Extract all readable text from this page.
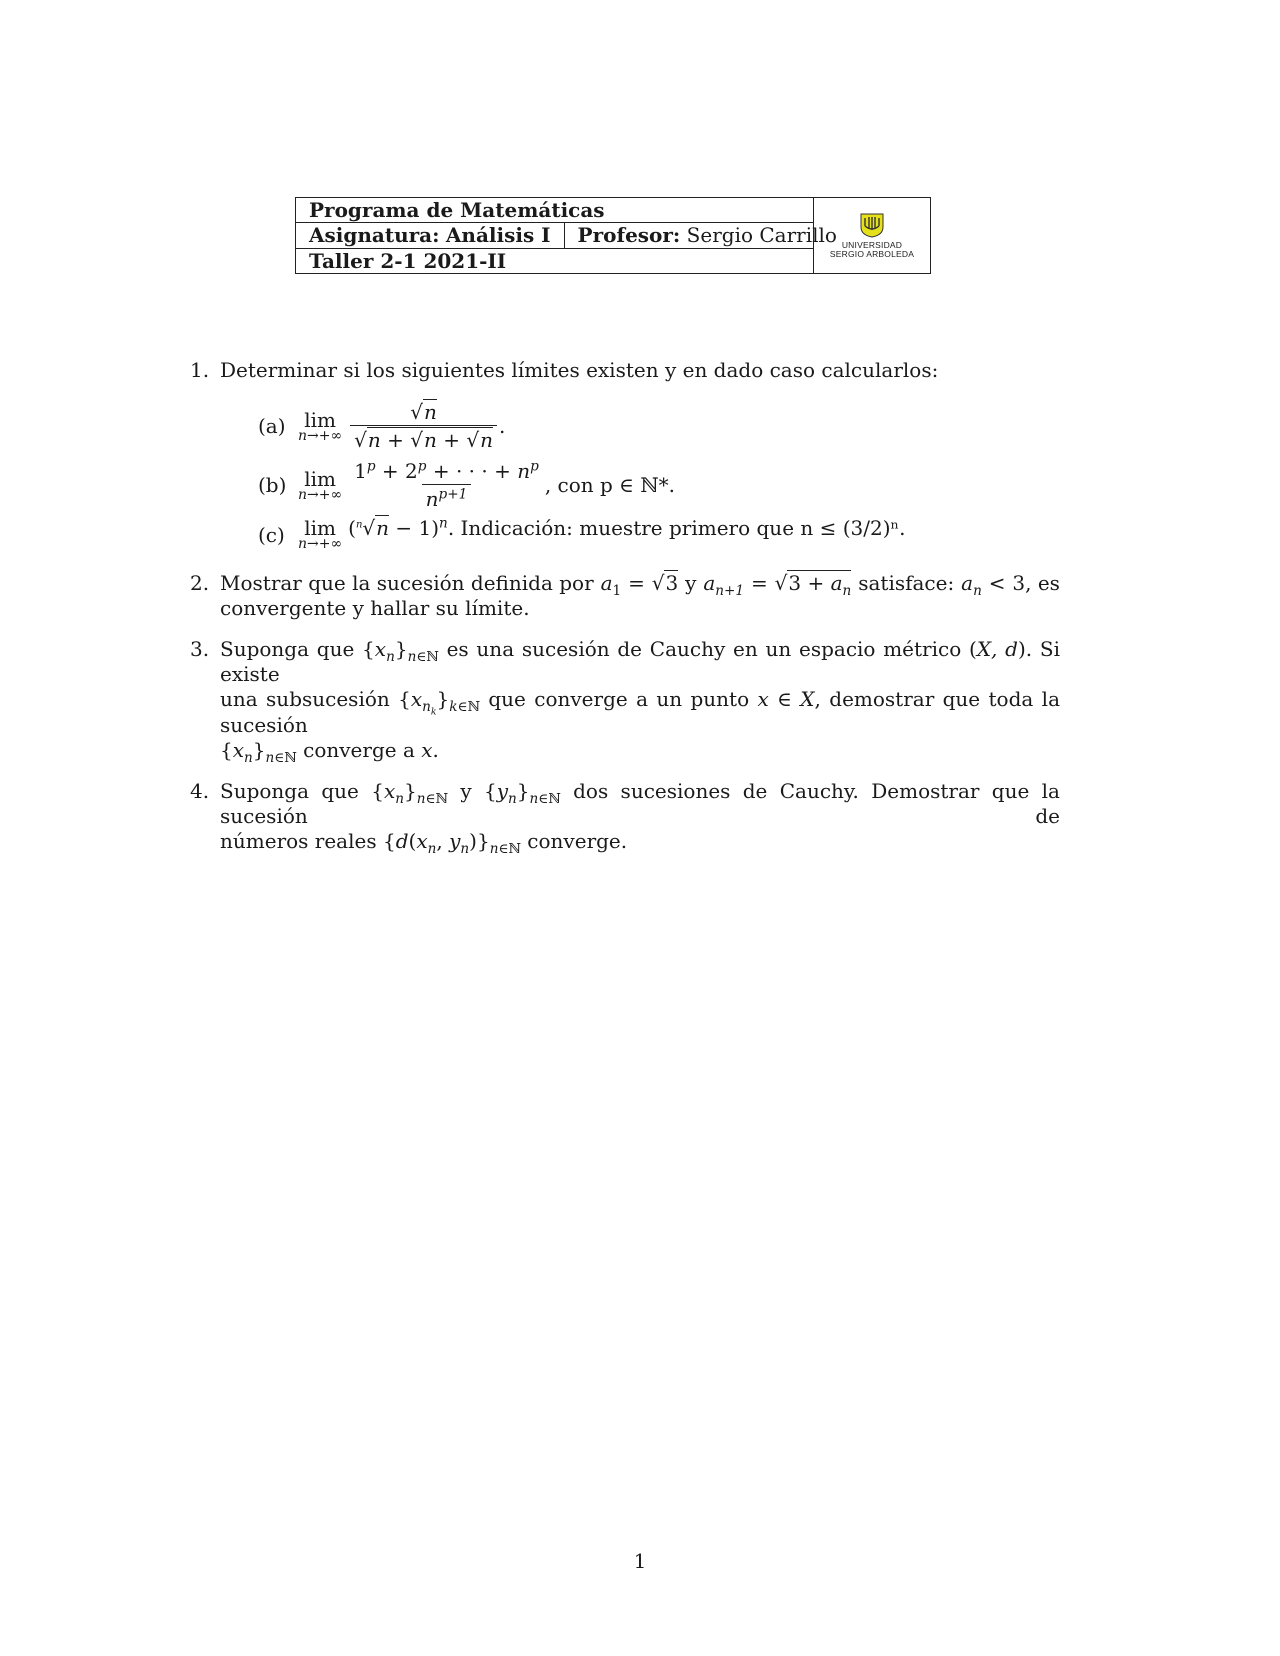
Programa de Matemáticas
Asignatura:
Análisis I Profesor:
Sergio Carrillo
Taller 2-1 2021-II
UNIVERSIDAD
SERGIO ARBOLEDA
1. Determinar si los siguientes límites existen y en dado caso calcularlos:
(a) lim
$n\to+\infty \frac{√n}{√n + √n + √n}$ .
(b) lim
$n\to+\infty \frac{1^p + 2^p + \cdot \cdot \cdot + n^p}{n^{p+1}}$ , con p ∈ ℕ*.
(c) lim
n→+∞
$(^n√n - 1)^n$ . Indicación: muestre primero que n ≤ (3/2)ⁿ.
2. Mostrar que la sucesión definida por $a_1 = √3$ y $a_{n+1} = √3 + a_n$ satisface: $a_n < 3$, es
convergente y hallar su límite.
3. Suponga que $\{x_n\}_{n\in ℕ}$ es una sucesión de Cauchy en un espacio métrico (X, d). Si existe
una subsucesión $\{x_{n_k}\}_{k\in ℕ}$ que converge a un punto x ∈ X, demostrar que toda la sucesión
$\{x_n\}_{n\in ℕ}$ converge a x.
4. Suponga que $\{x_n\}_{n\in ℕ}$ y $\{y_n\}_{n\in ℕ}$ dos sucesiones de Cauchy. Demostrar que la sucesión de
números reales {$d(x_n$, $y_n)\}_{n\in ℕ}$ converge.
1
